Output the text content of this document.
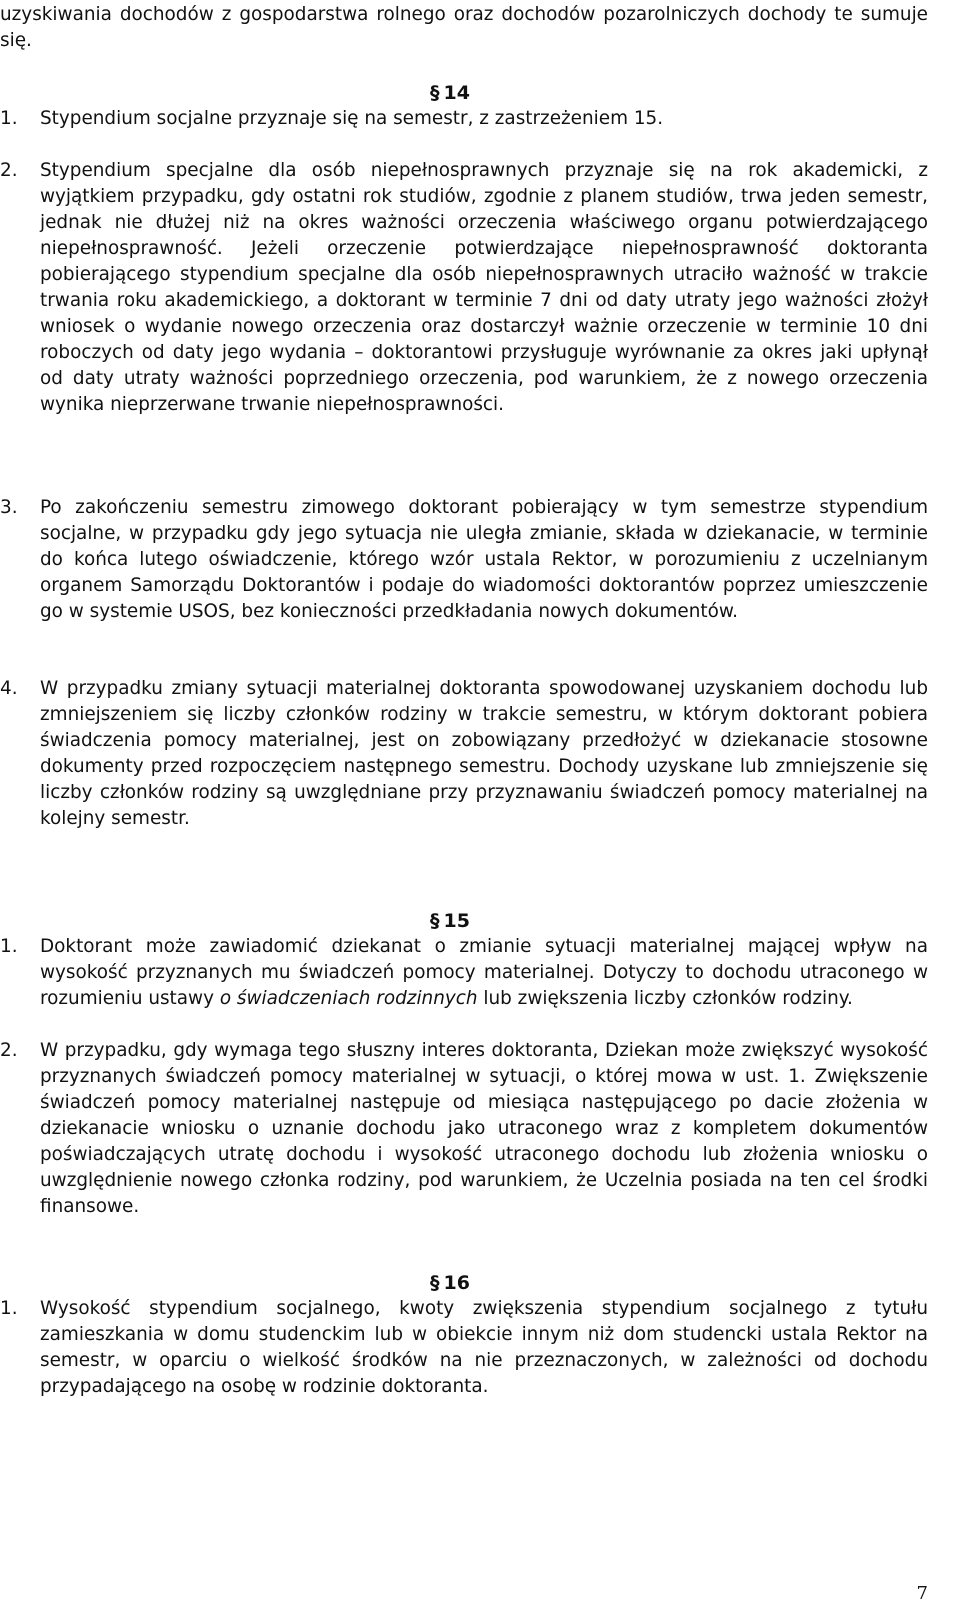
uzyskiwania dochodów z gospodarstwa rolnego oraz dochodów pozarolniczych dochody te sumuje się.

§ 14
1. Stypendium socjalne przyznaje się na semestr, z zastrzeżeniem 15.

2. Stypendium specjalne dla osób niepełnosprawnych przyznaje się na rok akademicki, z wyjątkiem przypadku, gdy ostatni rok studiów, zgodnie z planem studiów, trwa jeden semestr, jednak nie dłużej niż na okres ważności orzeczenia właściwego organu potwierdzającego niepełnosprawność. Jeżeli orzeczenie potwierdzające niepełnosprawność doktoranta pobierającego stypendium specjalne dla osób niepełnosprawnych utraciło ważność w trakcie trwania roku akademickiego, a doktorant w terminie 7 dni od daty utraty jego ważności złożył wniosek o wydanie nowego orzeczenia oraz dostarczył ważnie orzeczenie w terminie 10 dni roboczych od daty jego wydania – doktorantowi przysługuje wyrównanie za okres jaki upłynął od daty utraty ważności poprzedniego orzeczenia, pod warunkiem, że z nowego orzeczenia wynika nieprzerwane trwanie niepełnosprawności.

3. Po zakończeniu semestru zimowego doktorant pobierający w tym semestrze stypendium socjalne, w przypadku gdy jego sytuacja nie uległa zmianie, składa w dziekanacie, w terminie do końca lutego oświadczenie, którego wzór ustala Rektor, w porozumieniu z uczelnianym organem Samorządu Doktorantów i podaje do wiadomości doktorantów poprzez umieszczenie go w systemie USOS, bez konieczności przedkładania nowych dokumentów.

4. W przypadku zmiany sytuacji materialnej doktoranta spowodowanej uzyskaniem dochodu lub zmniejszeniem się liczby członków rodziny w trakcie semestru, w którym doktorant pobiera świadczenia pomocy materialnej, jest on zobowiązany przedłożyć w dziekanacie stosowne dokumenty przed rozpoczęciem następnego semestru. Dochody uzyskane lub zmniejszenie się liczby członków rodziny są uwzględniane przy przyznawaniu świadczeń pomocy materialnej na kolejny semestr.

§ 15
1. Doktorant może zawiadomić dziekanat o zmianie sytuacji materialnej mającej wpływ na wysokość przyznanych mu świadczeń pomocy materialnej. Dotyczy to dochodu utraconego w rozumieniu ustawy o świadczeniach rodzinnych lub zwiększenia liczby członków rodziny.

2. W przypadku, gdy wymaga tego słuszny interes doktoranta, Dziekan może zwiększyć wysokość przyznanych świadczeń pomocy materialnej w sytuacji, o której mowa w ust. 1. Zwiększenie świadczeń pomocy materialnej następuje od miesiąca następującego po dacie złożenia w dziekanacie wniosku o uznanie dochodu jako utraconego wraz z kompletem dokumentów poświadczających utratę dochodu i wysokość utraconego dochodu lub złożenia wniosku o uwzględnienie nowego członka rodziny, pod warunkiem, że Uczelnia posiada na ten cel środki finansowe.

§ 16
1. Wysokość stypendium socjalnego, kwoty zwiększenia stypendium socjalnego z tytułu zamieszkania w domu studenckim lub w obiekcie innym niż dom studencki ustala Rektor na semestr, w oparciu o wielkość środków na nie przeznaczonych, w zależności od dochodu przypadającego na osobę w rodzinie doktoranta.

7
